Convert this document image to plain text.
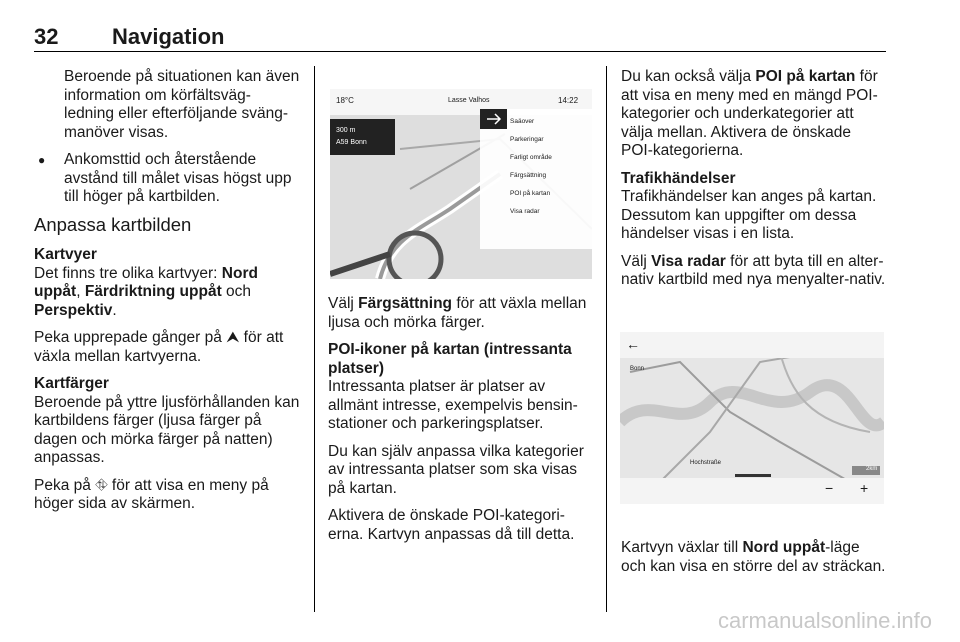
32 Navigation

Beroende på situationen kan även information om körfältsväg-ledning eller efterföljande sväng-manöver visas.

● Ankomsttid och återstående avstånd till målet visas högst upp till höger på kartbilden.

Anpassa kartbilden
Kartvyer

Det finns tre olika kartvyer: Nord uppåt, Färdriktning uppåt och Perspektiv.

Peka upprepade gånger på ⮝ för att växla mellan kartvyerna.

Kartfärger

Beroende på yttre ljusförhållanden kan kartbildens färger (ljusa färger på dagen och mörka färger på natten) anpassas.

Peka på ⛗ för att visa en meny på höger sida av skärmen.

18°C	Lasse Valhos	14:22
300 m
A59 Bonn
Saäover
Parkeringar
Farligt område
Färgsättning
POI på kartan
Visa radar

Välj Färgsättning för att växla mellan ljusa och mörka färger.

POI-ikoner på kartan (intressanta platser)

Intressanta platser är platser av allmänt intresse, exempelvis bensin-stationer och parkeringsplatser.

Du kan själv anpassa vilka kategorier av intressanta platser som ska visas på kartan.

Aktivera de önskade POI-kategori-erna. Kartvyn anpassas då till detta.

Du kan också välja POI på kartan för att visa en meny med en mängd POI-kategorier och underkategorier att välja mellan. Aktivera de önskade POI-kategorierna.

Trafikhändelser

Trafikhändelser kan anges på kartan. Dessutom kan uppgifter om dessa händelser visas i en lista.

Välj Visa radar för att byta till en alter-nativ kartbild med nya menyalter-nativ.

←
Bonn
Hochstraße
2km
− +

Kartvyn växlar till Nord uppåt-läge och kan visa en större del av sträckan.

carmanualsonline.info
